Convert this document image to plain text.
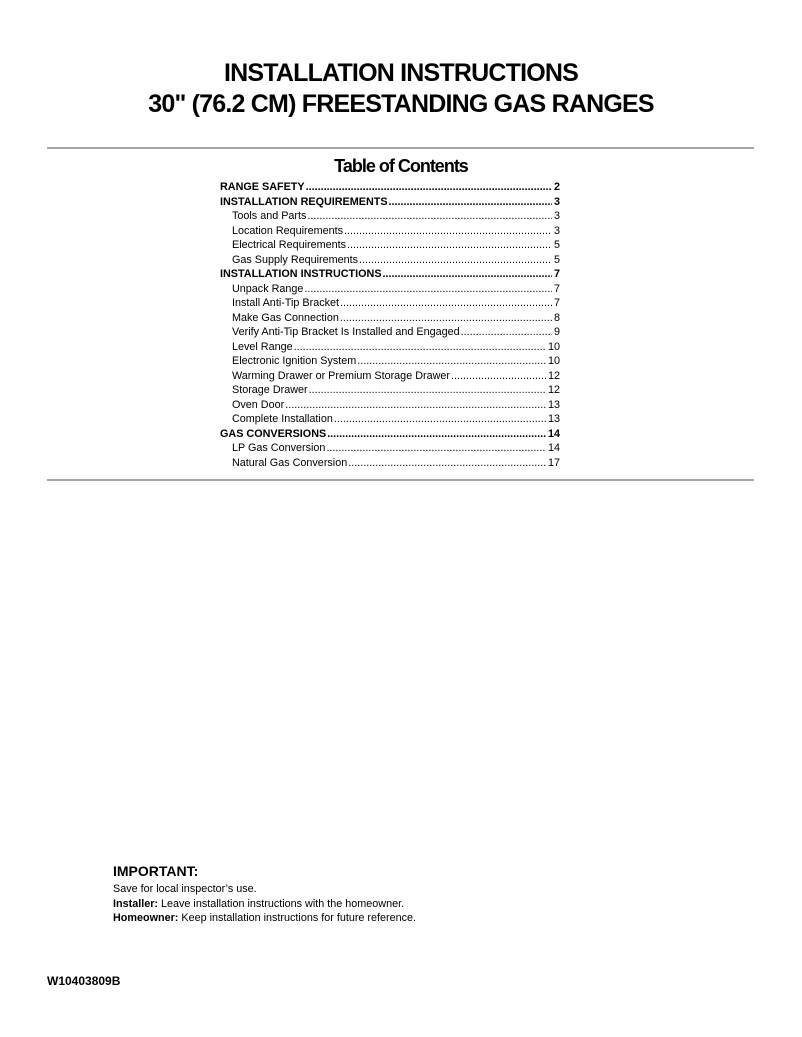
INSTALLATION INSTRUCTIONS
30" (76.2 CM) FREESTANDING GAS RANGES
Table of Contents
RANGE SAFETY .....	2
INSTALLATION REQUIREMENTS .....	3
Tools and Parts .....	3
Location Requirements .....	3
Electrical Requirements .....	5
Gas Supply Requirements .....	5
INSTALLATION INSTRUCTIONS .....	7
Unpack Range .....	7
Install Anti-Tip Bracket .....	7
Make Gas Connection .....	8
Verify Anti-Tip Bracket Is Installed and Engaged .....	9
Level Range .....	10
Electronic Ignition System .....	10
Warming Drawer or Premium Storage Drawer .....	12
Storage Drawer .....	12
Oven Door .....	13
Complete Installation .....	13
GAS CONVERSIONS .....	14
LP Gas Conversion .....	14
Natural Gas Conversion .....	17

IMPORTANT:

Save for local inspector’s use.

Installer: Leave installation instructions with the homeowner.

Homeowner: Keep installation instructions for future reference.

W10403809B
